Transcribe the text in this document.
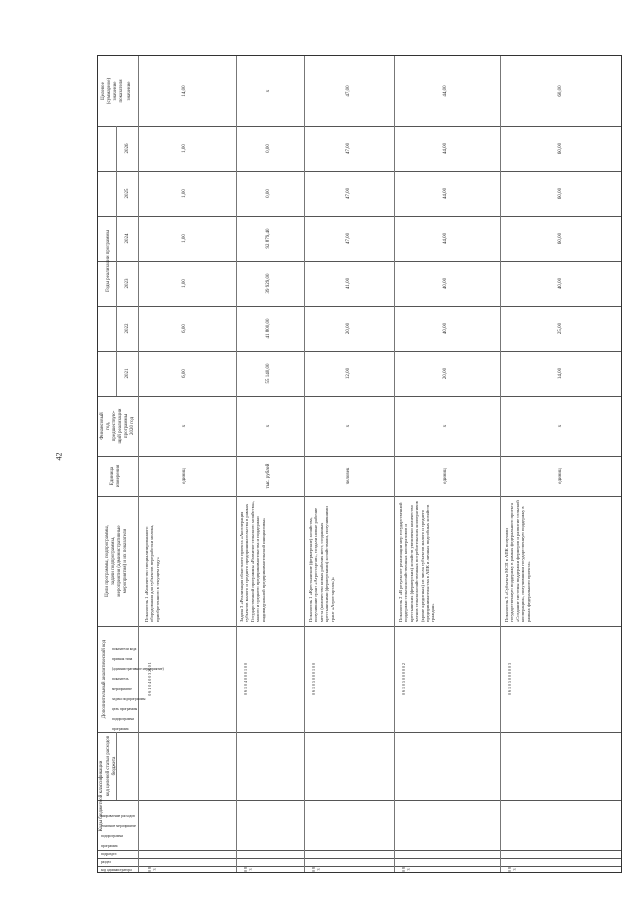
42
Коды бюджетной классификации код целевой статьи расходов бюджета
код администратора
раздел
подраздел
программа
подпрограмма
основное мероприятие
направление расходов
Дополнительный аналитический код
программа
подпрограмма
цель программы
задача подпрограммы
мероприятие
показатель
(административное мероприятие)
признак типа
показатели кода
Цели программы, подпрограммы, задачи подпрограммы, мероприятия (административные мероприятия) и их показатели
Единица измерения
Финансовый год, предшествую- щий реализации программы 2020 год
Годы реализации программы
2021
2022
2023
2024
2025
2026
Целевое (суммарное) значение показателя значение
0 8 3
0 6 1 0 4 0 0 3 Ж 0 1
Показатель 1 «Количество специализированного оборудования для субъектов переработки молока, приобретенного в текущем году»
единиц
x
6,00
6,00
1,00
1,00
1,00
1,00
14,00
0 8 3
0 6 1 0 4 0 0 0 1 0 0
Задача 3 «Реализация областного проекта «Акселерация субъектов малого и среднего предпринимательства в рамках Государственной программы «Развитие сельского хозяйства», малого и среднего предпринимательства и поддержки индивидуальной предпринимательской инициативы»
тыс. рублей
x
55 140,00
41 800,00
39 929,00
92 879,40
0,00
0,00
x
0 8 3
0 6 1 0 5 0 0 0 1 0 0
Показатель 1 «Крестьянские (фермерские) хозяйства, получившие грант «Агростартап», создали новые рабочие места (количество новых рабочих мест, созданных крестьянскими (фермерскими) хозяйствами, получившими грант «Агростартап»)»
человек
x
12,00
20,00
41,00
47,00
47,00
47,00
47,00
0 8 3
0 6 1 0 5 0 0 0 0 0 2
Показатель 2 «В результате реализации мер государственной поддержки сельскохозяйственных кооперативов и крестьянских (фермерских) хозяйств увеличено количество членов сельскохозяйственных потребительских кооперативов (кроме кредитных) из числа субъектов малого и среднего предпринимательства в АПК и личных подсобных хозяйств граждан»
единиц
x
20,00
40,00
40,00
44,00
44,00
44,00
44,00
0 8 3
0 6 1 0 5 0 0 0 0 0 3
Показатель 3 «Субъекты МСП в АПК получили государственную поддержку в рамках федерального проекта «Создание системы поддержки фермеров и развитие сельской кооперации», получившими государственную поддержку в рамках федерального проекта»
единиц
x
14,00
25,00
40,00
60,00
60,00
60,00
60,00
